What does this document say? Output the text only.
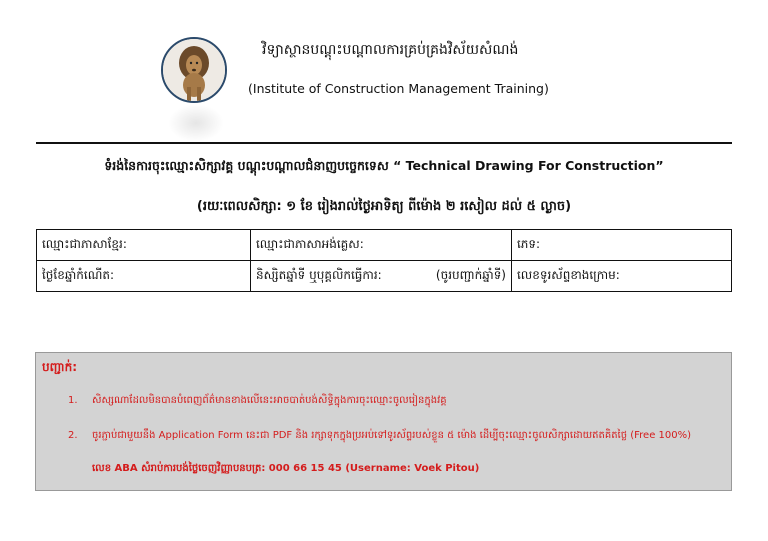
វិទ្យាស្ថានបណ្តុះបណ្តាលការគ្រប់គ្រងវិស័យសំណង់
(Institute of Construction Management Training)
ទំរង់នៃការចុះឈ្មោះសិក្សាវគ្គ បណ្តុះបណ្តាលជំនាញបច្ចេកទេស “ Technical Drawing For Construction”
(រយៈពេលសិក្សា: ១ ខែ រៀងរាល់ថ្ងៃអាទិត្យ ពីម៉ោង ២ រសៀល ដល់ ៥ ល្ងាច)
ឈ្មោះជាភាសាខ្មែរ:	ឈ្មោះជាភាសាអង់គ្លេស:	ភេទ:
ថ្ងៃខែឆ្នាំកំណើត:	និស្សិតឆ្នាំទី ឬបុគ្គលិកធ្វើការ: (ចូរបញ្ជាក់ឆ្នាំទី)	លេខទូរស័ព្ទខាងក្រោម:
បញ្ជាក់:
1. សិស្សណាដែលមិនបានបំពេញព័ត៌មានខាងលើនេះអាចបាត់បង់សិទ្ធិក្នុងការចុះឈ្មោះចូលរៀនក្នុងវគ្គ
2. ចូរភ្ជាប់ជាមួយនឹង Application Form នេះជា PDF និង រក្សាទុកក្នុងប្រអប់ទៅទូរស័ព្ទរបស់ខ្លួន ៥ ម៉ោង ដើម្បីចុះឈ្មោះចូលសិក្សាដោយឥតគិតថ្លៃ (Free 100%)
លេខ ABA សំរាប់ការបង់ថ្លៃចេញវិញ្ញាបនបត្រ: 000 66 15 45 (Username: Voek Pitou)
